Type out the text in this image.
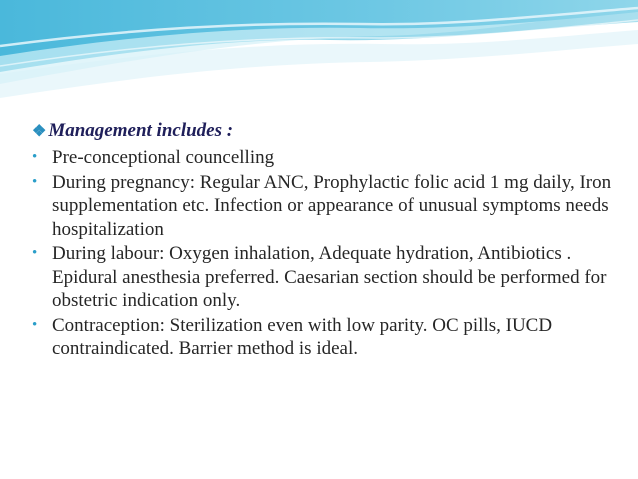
❖ Management includes :
• Pre-conceptional councelling
• During pregnancy: Regular ANC, Prophylactic folic acid 1 mg daily, Iron supplementation etc. Infection or appearance of unusual symptoms needs hospitalization
• During labour: Oxygen inhalation, Adequate hydration, Antibiotics . Epidural anesthesia preferred. Caesarian section should be performed for obstetric indication only.
• Contraception: Sterilization even with low parity. OC pills, IUCD contraindicated. Barrier method is ideal.
